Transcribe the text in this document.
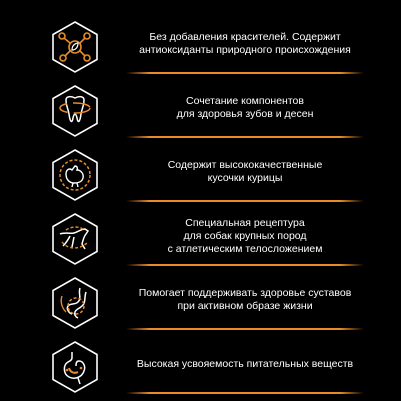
Без добавления красителей. Содержит
антиоксиданты природного происхождения
Сочетание компонентов
для здоровья зубов и десен
Содержит высококачественные
кусочки курицы
Специальная рецептура
для собак крупных пород
с атлетическим телосложением
Помогает поддерживать здоровье суставов
при активном образе жизни
Высокая усвояемость питательных веществ
